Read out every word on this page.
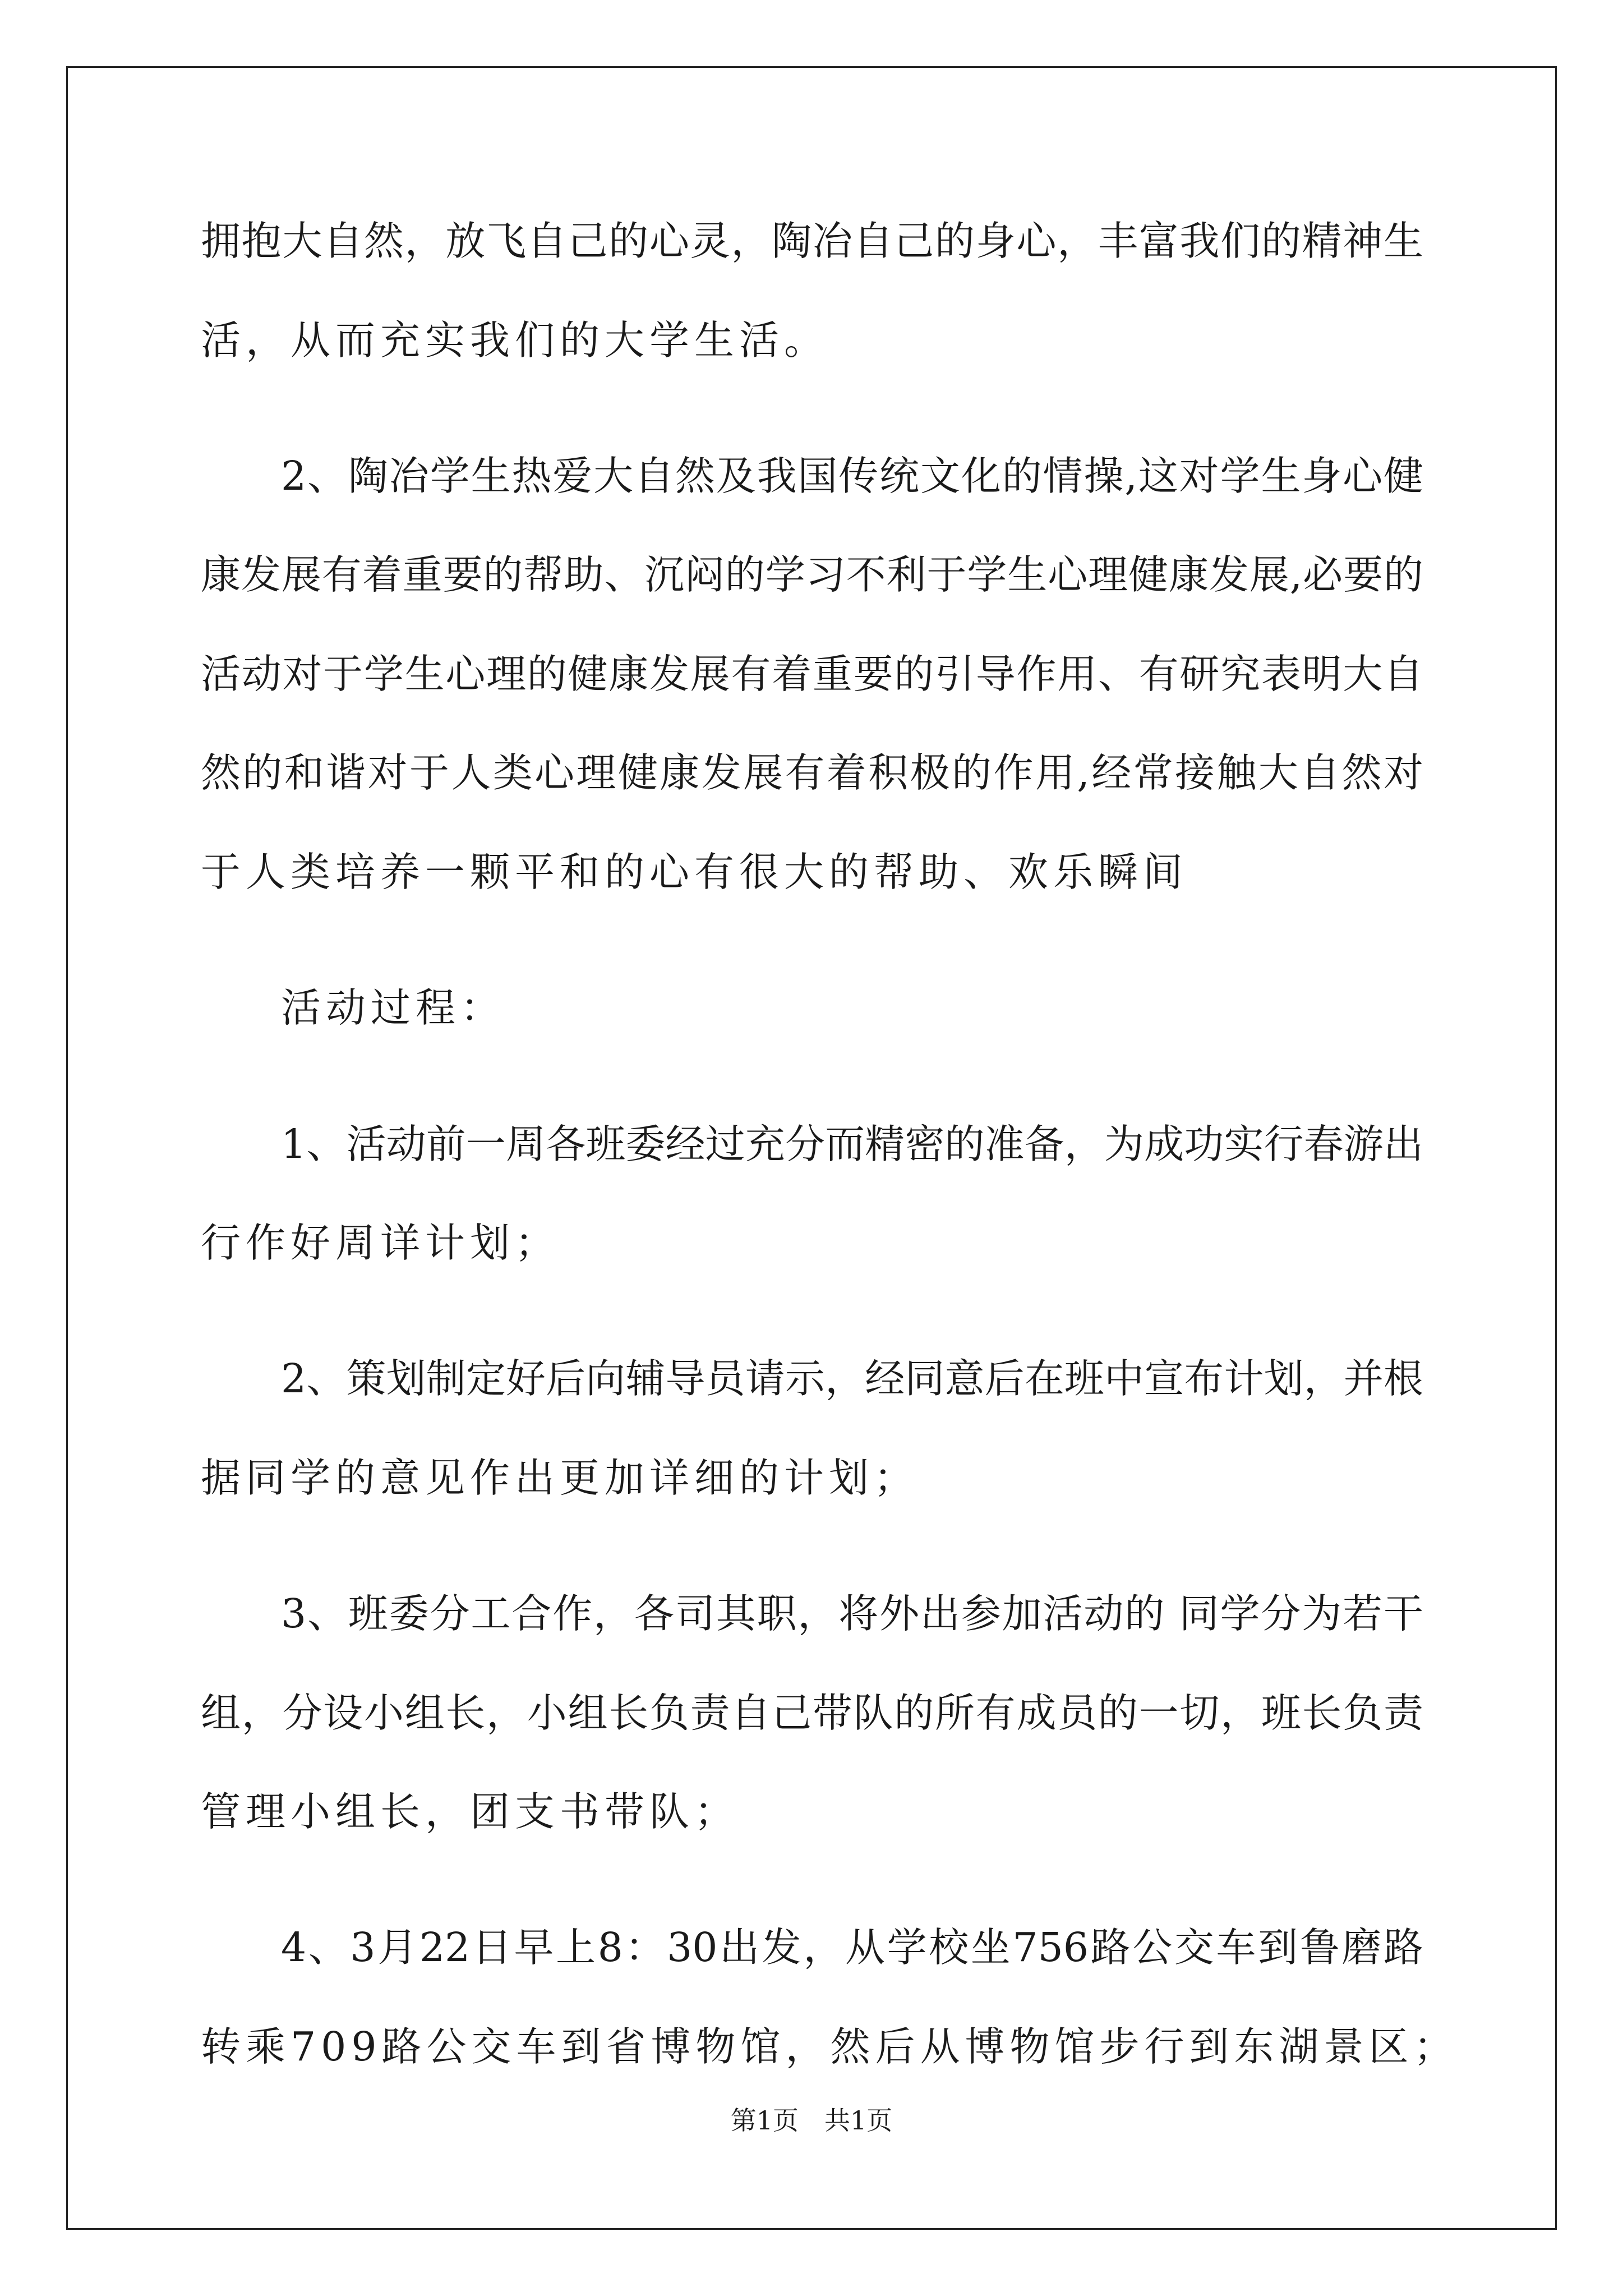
拥抱大自然，放飞自己的心灵，陶冶自己的身心，丰富我们的精神生
活，从而充实我们的大学生活。
2、陶冶学生热爱大自然及我国传统文化的情操,这对学生身心健
康发展有着重要的帮助、沉闷的学习不利于学生心理健康发展,必要的
活动对于学生心理的健康发展有着重要的引导作用、有研究表明大自
然的和谐对于人类心理健康发展有着积极的作用,经常接触大自然对
于人类培养一颗平和的心有很大的帮助、欢乐瞬间
活动过程：
1、活动前一周各班委经过充分而精密的准备，为成功实行春游出
行作好周详计划；
2、策划制定好后向辅导员请示，经同意后在班中宣布计划，并根
据同学的意见作出更加详细的计划；
3、班委分工合作，各司其职，将外出参加活动的 同学分为若干
组，分设小组长，小组长负责自己带队的所有成员的一切，班长负责
管理小组长，团支书带队；
4、3月22日早上8：30出发，从学校坐756路公交车到鲁磨路
转乘709路公交车到省博物馆，然后从博物馆步行到东湖景区；
第1页 共1页
